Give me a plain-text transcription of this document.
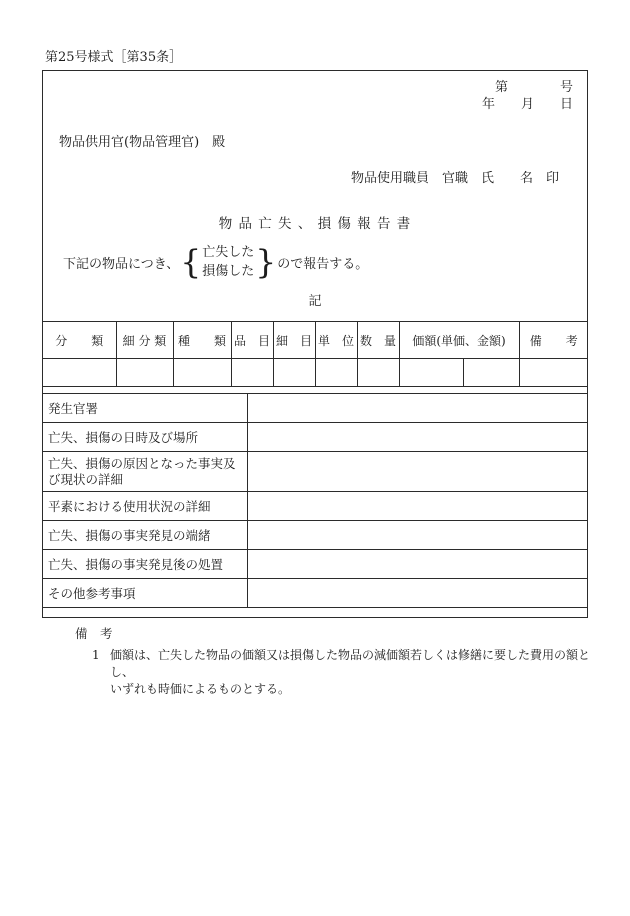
第25号様式［第35条］
第　　　　号
年　　月　　日
物品供用官(物品管理官)　殿
物品使用職員　官職　氏　　名　印
物 品 亡 失 、 損 傷 報 告 書
下記の物品につき、 { 亡失した
損傷した } ので報告する。
記
分　　類	細 分 類	種　　類	品　目	細　目	単　位	数　量	価額(単価、金額)		備　　考

発生官署	
亡失、損傷の日時及び場所	
亡失、損傷の原因となった事実及び現状の詳細	
平素における使用状況の詳細	
亡失、損傷の事実発見の端緒	
亡失、損傷の事実発見後の処置	
その他参考事項	
備　考
1 価額は、亡失した物品の価額又は損傷した物品の減価額若しくは修繕に要した費用の額とし、
いずれも時価によるものとする。
